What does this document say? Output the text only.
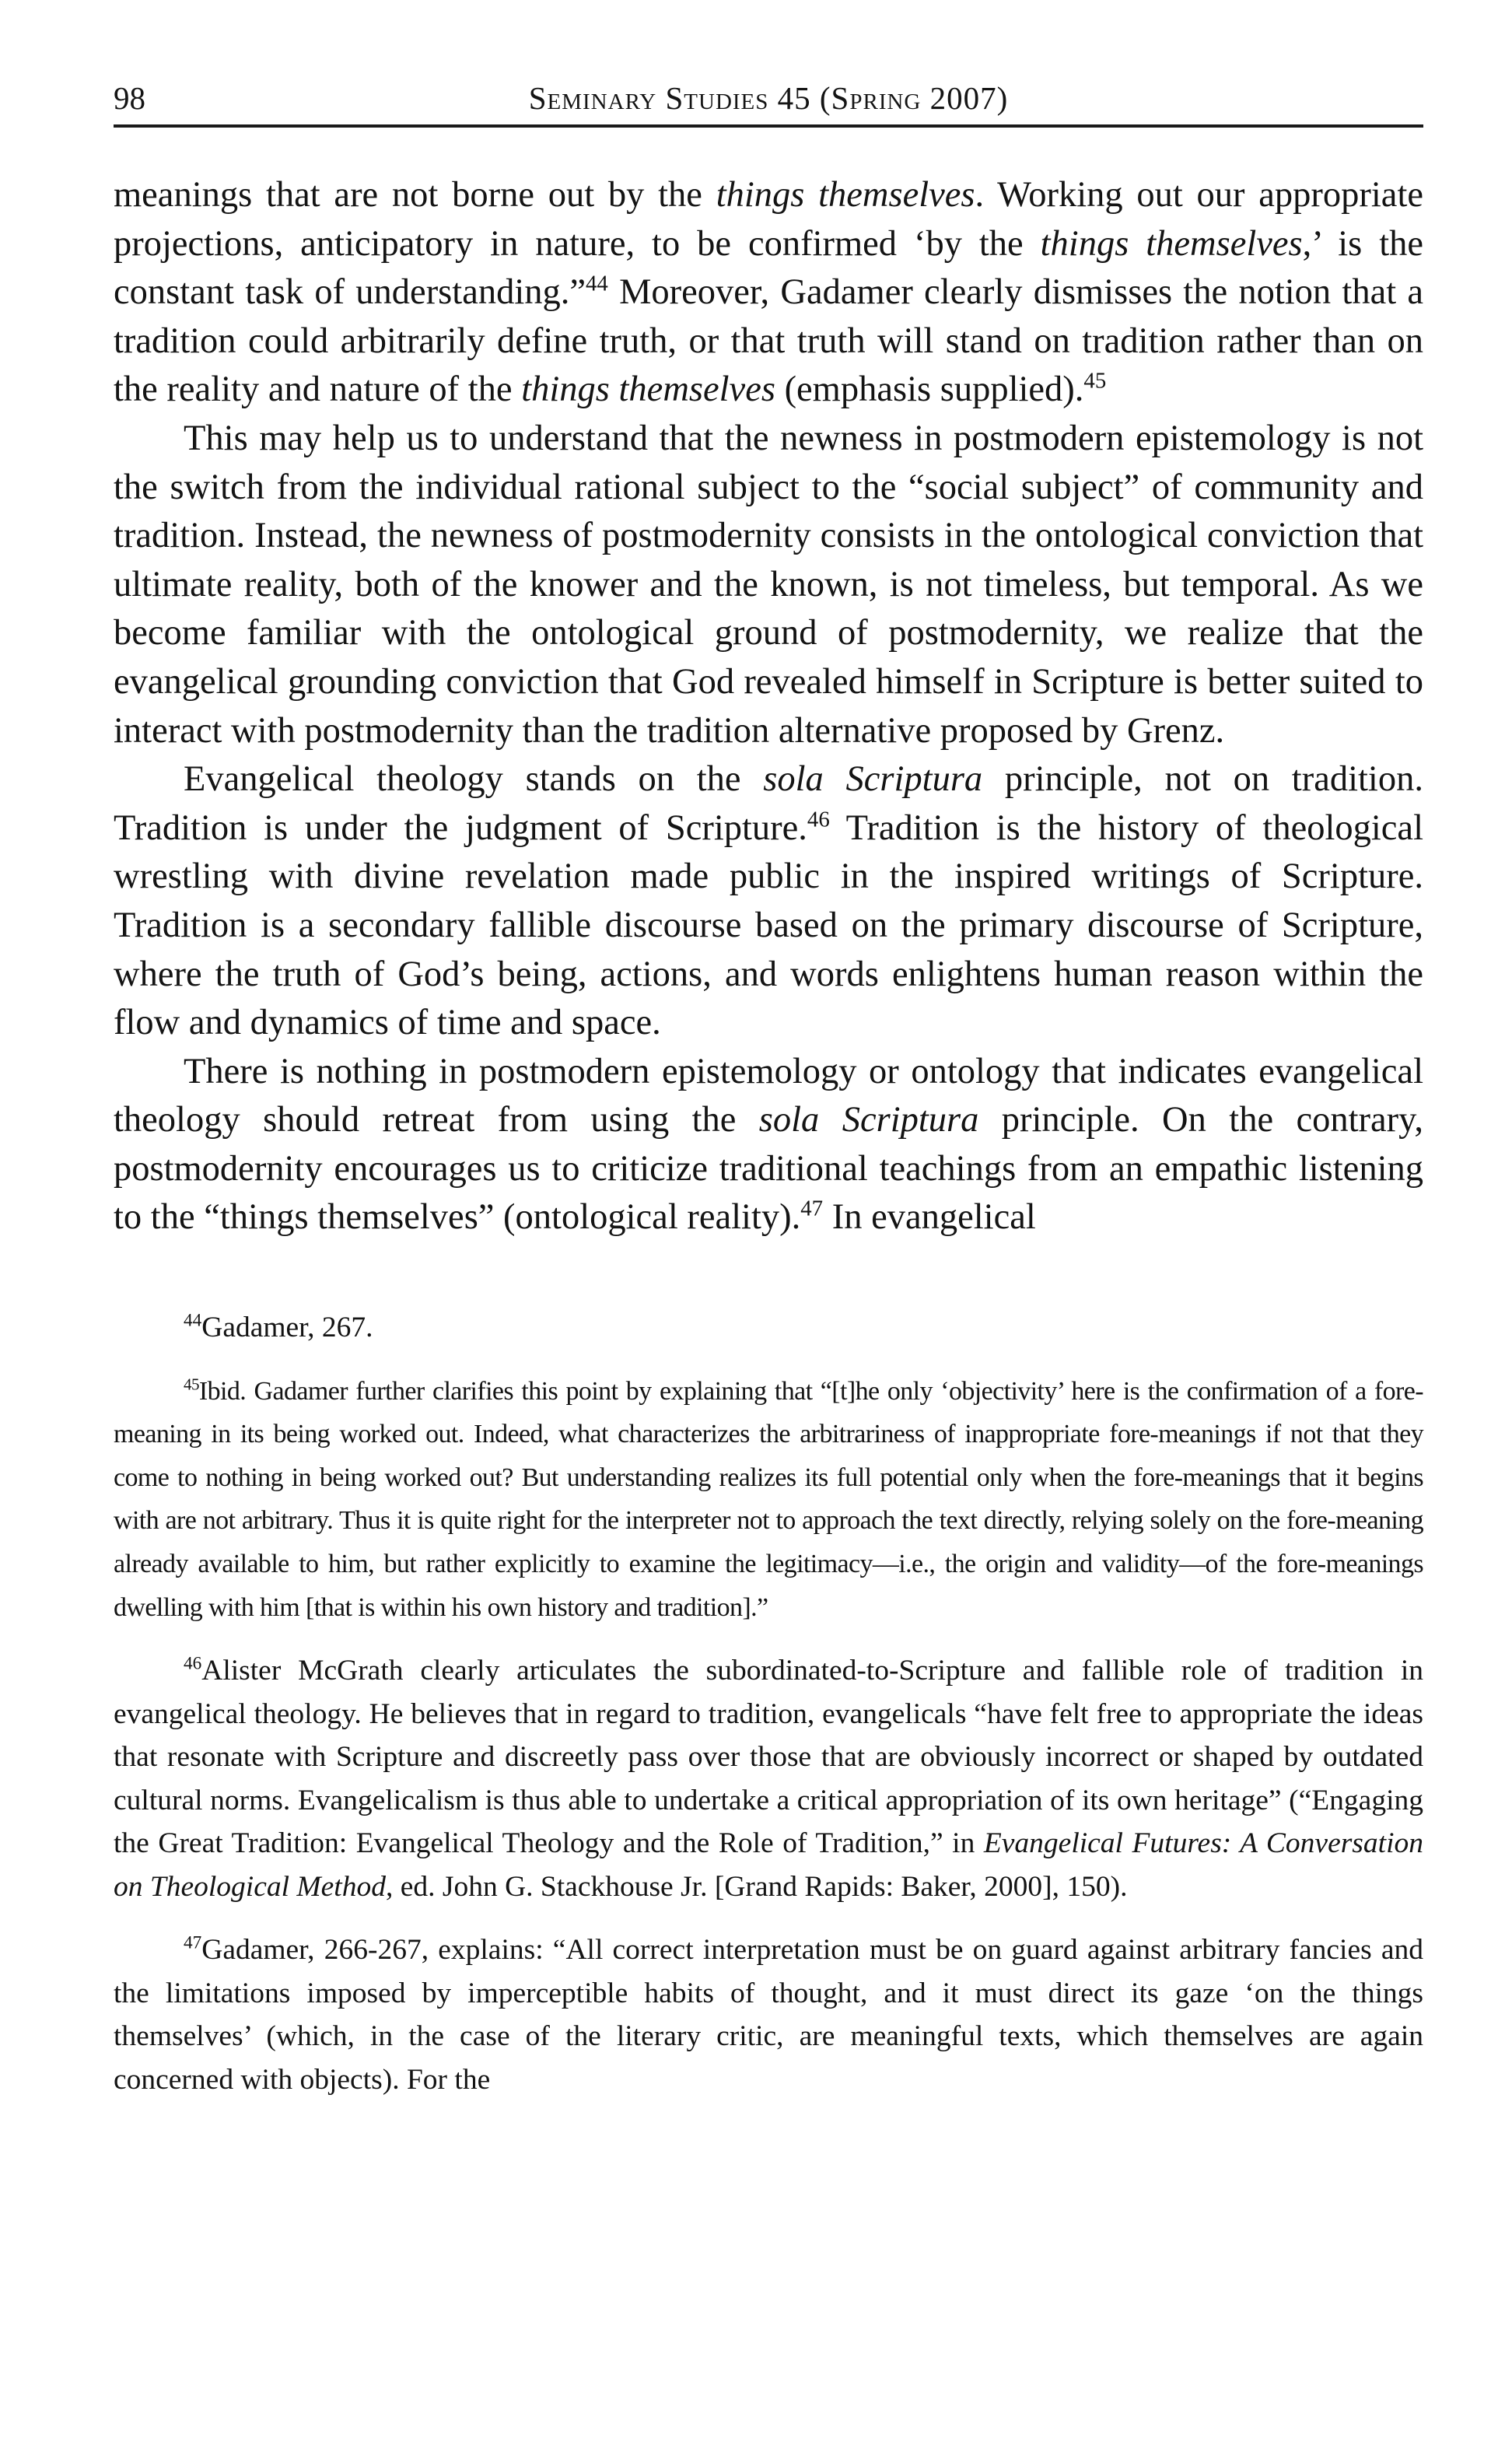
98	Seminary Studies 45 (Spring 2007)

meanings that are not borne out by the things themselves. Working out our appropriate projections, anticipatory in nature, to be confirmed ‘by the things themselves,’ is the constant task of understanding.”$^{44}$ Moreover, Gadamer clearly dismisses the notion that a tradition could arbitrarily define truth, or that truth will stand on tradition rather than on the reality and nature of the things themselves (emphasis supplied).$^{45}$

This may help us to understand that the newness in postmodern epistemology is not the switch from the individual rational subject to the “social subject” of community and tradition. Instead, the newness of postmodernity consists in the ontological conviction that ultimate reality, both of the knower and the known, is not timeless, but temporal. As we become familiar with the ontological ground of postmodernity, we realize that the evangelical grounding conviction that God revealed himself in Scripture is better suited to interact with postmodernity than the tradition alternative proposed by Grenz.

Evangelical theology stands on the sola Scriptura principle, not on tradition. Tradition is under the judgment of Scripture.$^{46}$ Tradition is the history of theological wrestling with divine revelation made public in the inspired writings of Scripture. Tradition is a secondary fallible discourse based on the primary discourse of Scripture, where the truth of God’s being, actions, and words enlightens human reason within the flow and dynamics of time and space.

There is nothing in postmodern epistemology or ontology that indicates evangelical theology should retreat from using the sola Scriptura principle. On the contrary, postmodernity encourages us to criticize traditional teachings from an empathic listening to the “things themselves” (ontological reality).$^{47}$ In evangelical

$^{44}$Gadamer, 267.

$^{45}$Ibid. Gadamer further clarifies this point by explaining that “[t]he only ‘objectivity’ here is the confirmation of a fore-meaning in its being worked out. Indeed, what characterizes the arbitrariness of inappropriate fore-meanings if not that they come to nothing in being worked out? But understanding realizes its full potential only when the fore-meanings that it begins with are not arbitrary. Thus it is quite right for the interpreter not to approach the text directly, relying solely on the fore-meaning already available to him, but rather explicitly to examine the legitimacy—i.e., the origin and validity—of the fore-meanings dwelling with him [that is within his own history and tradition].”

$^{46}$Alister McGrath clearly articulates the subordinated-to-Scripture and fallible role of tradition in evangelical theology. He believes that in regard to tradition, evangelicals “have felt free to appropriate the ideas that resonate with Scripture and discreetly pass over those that are obviously incorrect or shaped by outdated cultural norms. Evangelicalism is thus able to undertake a critical appropriation of its own heritage” (“Engaging the Great Tradition: Evangelical Theology and the Role of Tradition,” in Evangelical Futures: A Conversation on Theological Method, ed. John G. Stackhouse Jr. [Grand Rapids: Baker, 2000], 150).

$^{47}$Gadamer, 266-267, explains: “All correct interpretation must be on guard against arbitrary fancies and the limitations imposed by imperceptible habits of thought, and it must direct its gaze ‘on the things themselves’ (which, in the case of the literary critic, are meaningful texts, which themselves are again concerned with objects). For the
